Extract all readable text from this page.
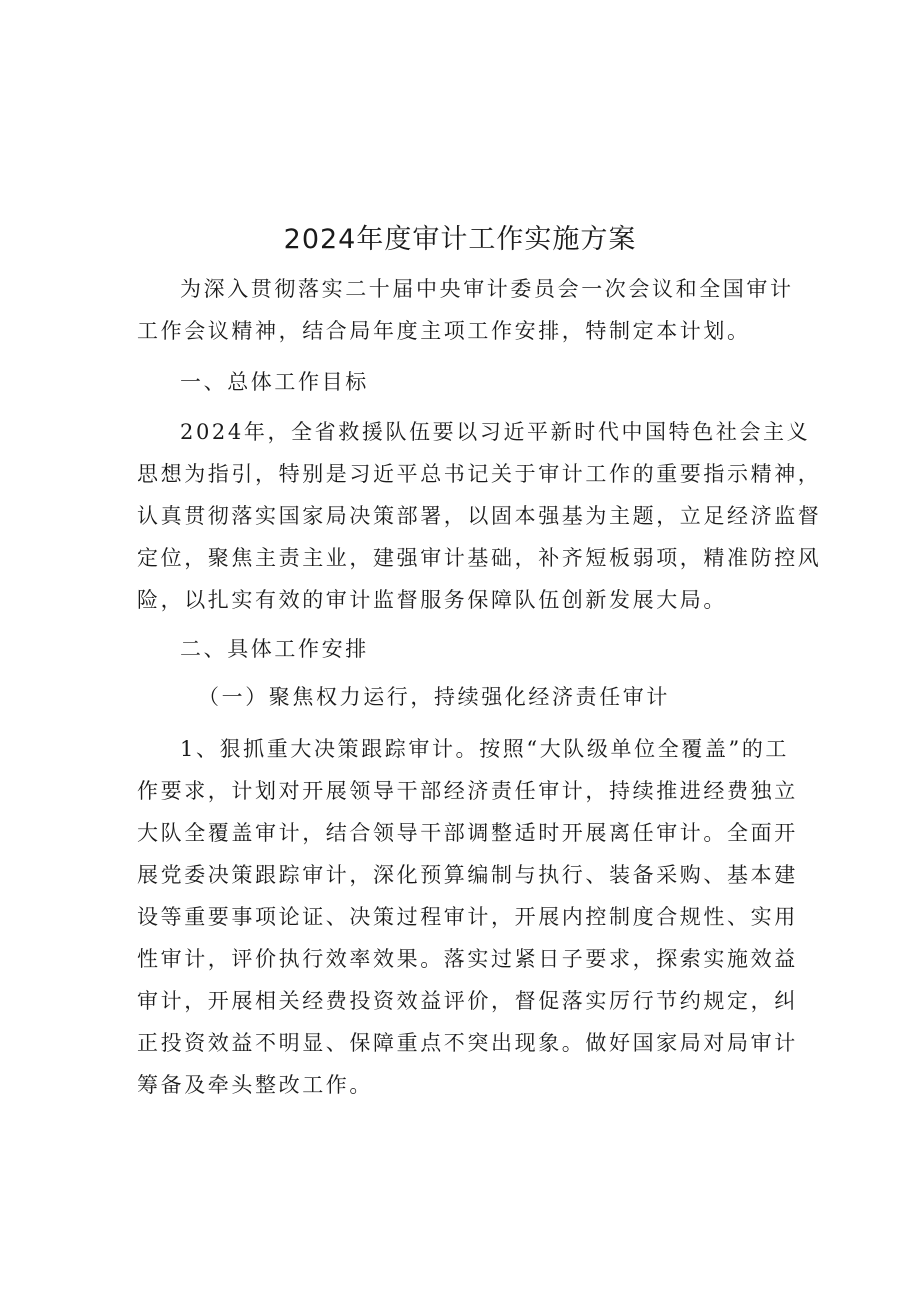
2024年度审计工作实施方案
为深入贯彻落实二十届中央审计委员会一次会议和全国审计
工作会议精神，结合局年度主项工作安排，特制定本计划。
一、总体工作目标
2024年，全省救援队伍要以习近平新时代中国特色社会主义
思想为指引，特别是习近平总书记关于审计工作的重要指示精神，
认真贯彻落实国家局决策部署，以固本强基为主题，立足经济监督
定位，聚焦主责主业，建强审计基础，补齐短板弱项，精准防控风
险，以扎实有效的审计监督服务保障队伍创新发展大局。
二、具体工作安排
（一）聚焦权力运行，持续强化经济责任审计
1、狠抓重大决策跟踪审计。按照“大队级单位全覆盖”的工
作要求，计划对开展领导干部经济责任审计，持续推进经费独立
大队全覆盖审计，结合领导干部调整适时开展离任审计。全面开
展党委决策跟踪审计，深化预算编制与执行、装备采购、基本建
设等重要事项论证、决策过程审计，开展内控制度合规性、实用
性审计，评价执行效率效果。落实过紧日子要求，探索实施效益
审计，开展相关经费投资效益评价，督促落实厉行节约规定，纠
正投资效益不明显、保障重点不突出现象。做好国家局对局审计
筹备及牵头整改工作。
